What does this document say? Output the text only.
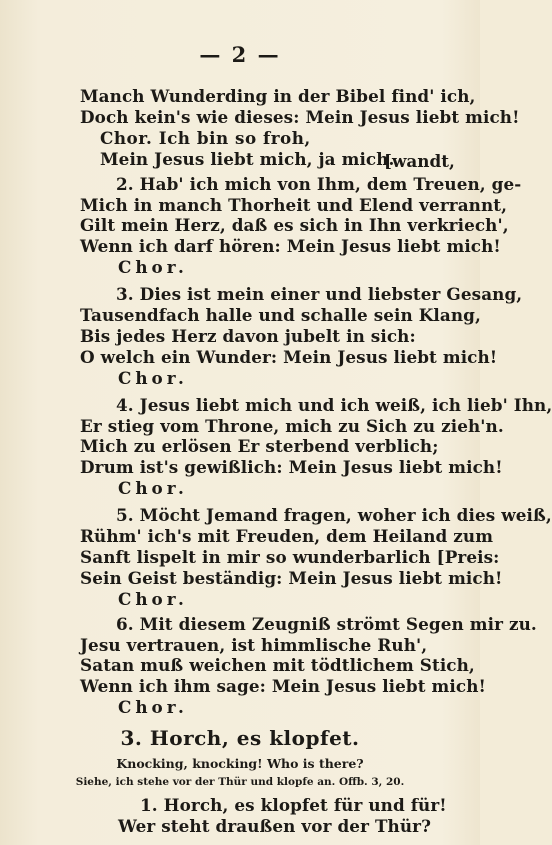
— 2 —
[wandt,
3. Horch, es klopfet.
Knocking, knocking! Who is there?
Siehe, ich stehe vor der Thür und klopfe an. Offb. 3, 20.
1. Horch, es klopfet für und für!
Wer steht draußen vor der Thür?
Manch Wunderding in der Bibel find' ich,
Doch kein's wie dieses: Mein Jesus liebt mich!
Chor. Ich bin so froh,
Mein Jesus liebt mich, ja mich.
2. Hab' ich mich von Ihm, dem Treuen, ge-
Mich in manch Thorheit und Elend verrannt,
Gilt mein Herz, daß es sich in Ihn verkriech',
Wenn ich darf hören: Mein Jesus liebt mich!
Chor.
3. Dies ist mein einer und liebster Gesang,
Tausendfach halle und schalle sein Klang,
Bis jedes Herz davon jubelt in sich:
O welch ein Wunder: Mein Jesus liebt mich!
Chor.
4. Jesus liebt mich und ich weiß, ich lieb' Ihn,
Er stieg vom Throne, mich zu Sich zu zieh'n.
Mich zu erlösen Er sterbend verblich;
Drum ist's gewißlich: Mein Jesus liebt mich!
Chor.
5. Möcht Jemand fragen, woher ich dies weiß,
Rühm' ich's mit Freuden, dem Heiland zum
Sanft lispelt in mir so wunderbarlich [Preis:
Sein Geist beständig: Mein Jesus liebt mich!
Chor.
6. Mit diesem Zeugniß strömt Segen mir zu.
Jesu vertrauen, ist himmlische Ruh',
Satan muß weichen mit tödtlichem Stich,
Wenn ich ihm sage: Mein Jesus liebt mich!
Chor.
